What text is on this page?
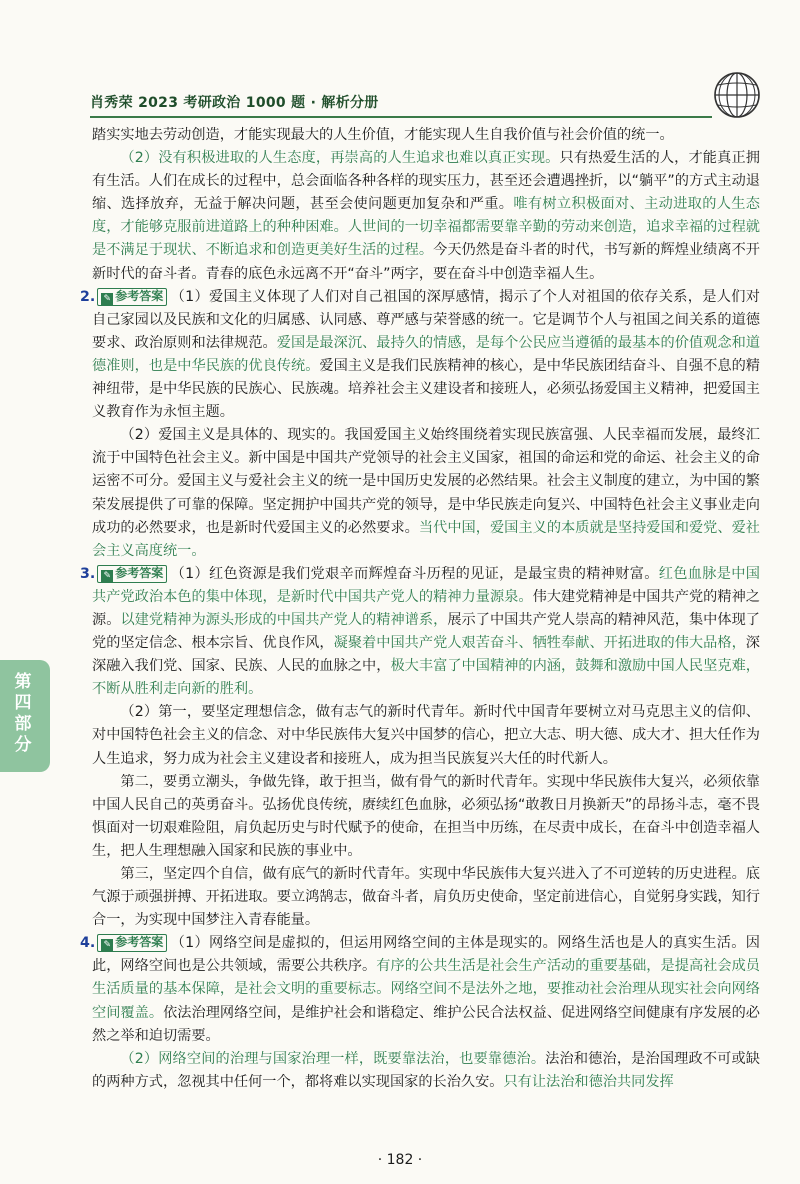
肖秀荣 2023 考研政治 1000 题 · 解析分册

踏实实地去劳动创造，才能实现最大的人生价值，才能实现人生自我价值与社会价值的统一。

（2）没有积极进取的人生态度，再崇高的人生追求也难以真正实现。只有热爱生活的人，才能真正拥有生活。人们在成长的过程中，总会面临各种各样的现实压力，甚至还会遭遇挫折，以“躺平”的方式主动退缩、选择放弃，无益于解决问题，甚至会使问题更加复杂和严重。唯有树立积极面对、主动进取的人生态度，才能够克服前进道路上的种种困难。人世间的一切幸福都需要靠辛勤的劳动来创造，追求幸福的过程就是不满足于现状、不断追求和创造更美好生活的过程。今天仍然是奋斗者的时代，书写新的辉煌业绩离不开新时代的奋斗者。青春的底色永远离不开“奋斗”两字，要在奋斗中创造幸福人生。

2. ✎ 参考答案 （1）爱国主义体现了人们对自己祖国的深厚感情，揭示了个人对祖国的依存关系，是人们对自己家园以及民族和文化的归属感、认同感、尊严感与荣誉感的统一。它是调节个人与祖国之间关系的道德要求、政治原则和法律规范。爱国是最深沉、最持久的情感，是每个公民应当遵循的最基本的价值观念和道德准则，也是中华民族的优良传统。爱国主义是我们民族精神的核心，是中华民族团结奋斗、自强不息的精神纽带，是中华民族的民族心、民族魂。培养社会主义建设者和接班人，必须弘扬爱国主义精神，把爱国主义教育作为永恒主题。

（2）爱国主义是具体的、现实的。我国爱国主义始终围绕着实现民族富强、人民幸福而发展，最终汇流于中国特色社会主义。新中国是中国共产党领导的社会主义国家，祖国的命运和党的命运、社会主义的命运密不可分。爱国主义与爱社会主义的统一是中国历史发展的必然结果。社会主义制度的建立，为中国的繁荣发展提供了可靠的保障。坚定拥护中国共产党的领导，是中华民族走向复兴、中国特色社会主义事业走向成功的必然要求，也是新时代爱国主义的必然要求。当代中国，爱国主义的本质就是坚持爱国和爱党、爱社会主义高度统一。

3. ✎ 参考答案 （1）红色资源是我们党艰辛而辉煌奋斗历程的见证，是最宝贵的精神财富。红色血脉是中国共产党政治本色的集中体现，是新时代中国共产党人的精神力量源泉。伟大建党精神是中国共产党的精神之源。以建党精神为源头形成的中国共产党人的精神谱系，展示了中国共产党人崇高的精神风范，集中体现了党的坚定信念、根本宗旨、优良作风，凝聚着中国共产党人艰苦奋斗、牺牲奉献、开拓进取的伟大品格，深深融入我们党、国家、民族、人民的血脉之中，极大丰富了中国精神的内涵，鼓舞和激励中国人民坚克难，不断从胜利走向新的胜利。

（2）第一，要坚定理想信念，做有志气的新时代青年。新时代中国青年要树立对马克思主义的信仰、对中国特色社会主义的信念、对中华民族伟大复兴中国梦的信心，把立大志、明大德、成大才、担大任作为人生追求，努力成为社会主义建设者和接班人，成为担当民族复兴大任的时代新人。

第二，要勇立潮头，争做先锋，敢于担当，做有骨气的新时代青年。实现中华民族伟大复兴，必须依靠中国人民自己的英勇奋斗。弘扬优良传统，赓续红色血脉，必须弘扬“敢教日月换新天”的昂扬斗志，毫不畏惧面对一切艰难险阻，肩负起历史与时代赋予的使命，在担当中历练，在尽责中成长，在奋斗中创造幸福人生，把人生理想融入国家和民族的事业中。

第三，坚定四个自信，做有底气的新时代青年。实现中华民族伟大复兴进入了不可逆转的历史进程。底气源于顽强拼搏、开拓进取。要立鸿鹄志，做奋斗者，肩负历史使命，坚定前进信心，自觉躬身实践，知行合一，为实现中国梦注入青春能量。

4. ✎ 参考答案 （1）网络空间是虚拟的，但运用网络空间的主体是现实的。网络生活也是人的真实生活。因此，网络空间也是公共领域，需要公共秩序。有序的公共生活是社会生产活动的重要基础，是提高社会成员生活质量的基本保障，是社会文明的重要标志。网络空间不是法外之地，要推动社会治理从现实社会向网络空间覆盖。依法治理网络空间，是维护社会和谐稳定、维护公民合法权益、促进网络空间健康有序发展的必然之举和迫切需要。

（2）网络空间的治理与国家治理一样，既要靠法治，也要靠德治。法治和德治，是治国理政不可或缺的两种方式，忽视其中任何一个，都将难以实现国家的长治久安。只有让法治和德治共同发挥

第四部分
· 182 ·
